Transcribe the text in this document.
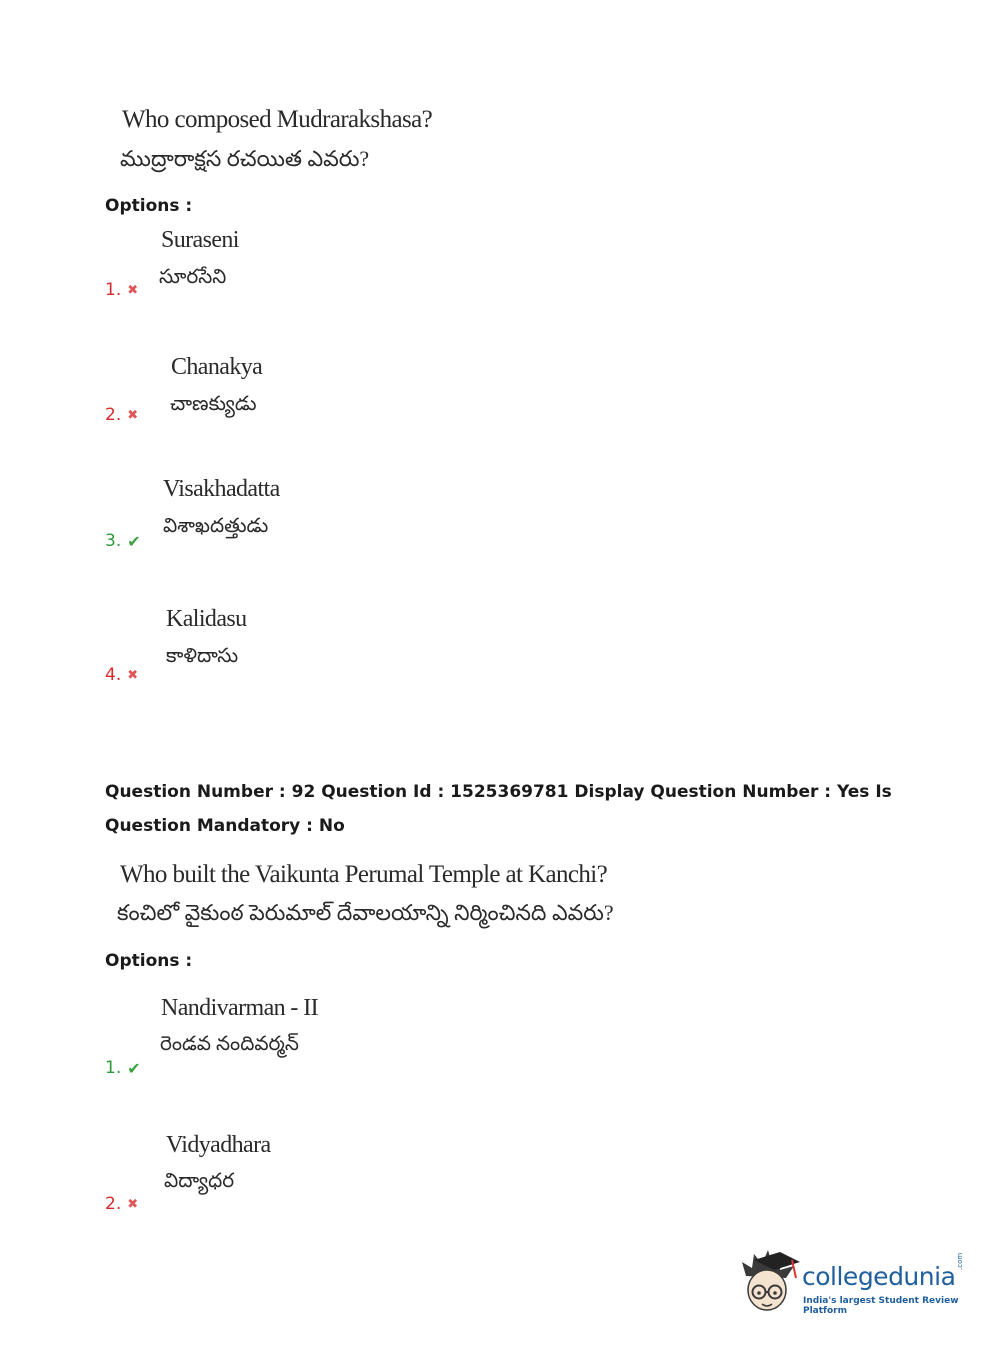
Who composed Mudrarakshasa?
ముద్రారాక్షస రచయిత ఎవరు?
Options :
Suraseni
సూరసేని
1. ✖
Chanakya
చాణక్యుడు
2. ✖
Visakhadatta
విశాఖదత్తుడు
3. ✔
Kalidasu
కాళిదాసు
4. ✖
Question Number : 92 Question Id : 1525369781 Display Question Number : Yes Is Question Mandatory : No
Who built the Vaikunta Perumal Temple at Kanchi?
కంచిలో వైకుంఠ పెరుమాల్ దేవాలయాన్ని నిర్మించినది ఎవరు?
Options :
Nandivarman - II
రెండవ నందివర్మన్
1. ✔
Vidyadhara
విద్యాధర
2. ✖
collegedunia
.com
India's largest Student Review Platform
